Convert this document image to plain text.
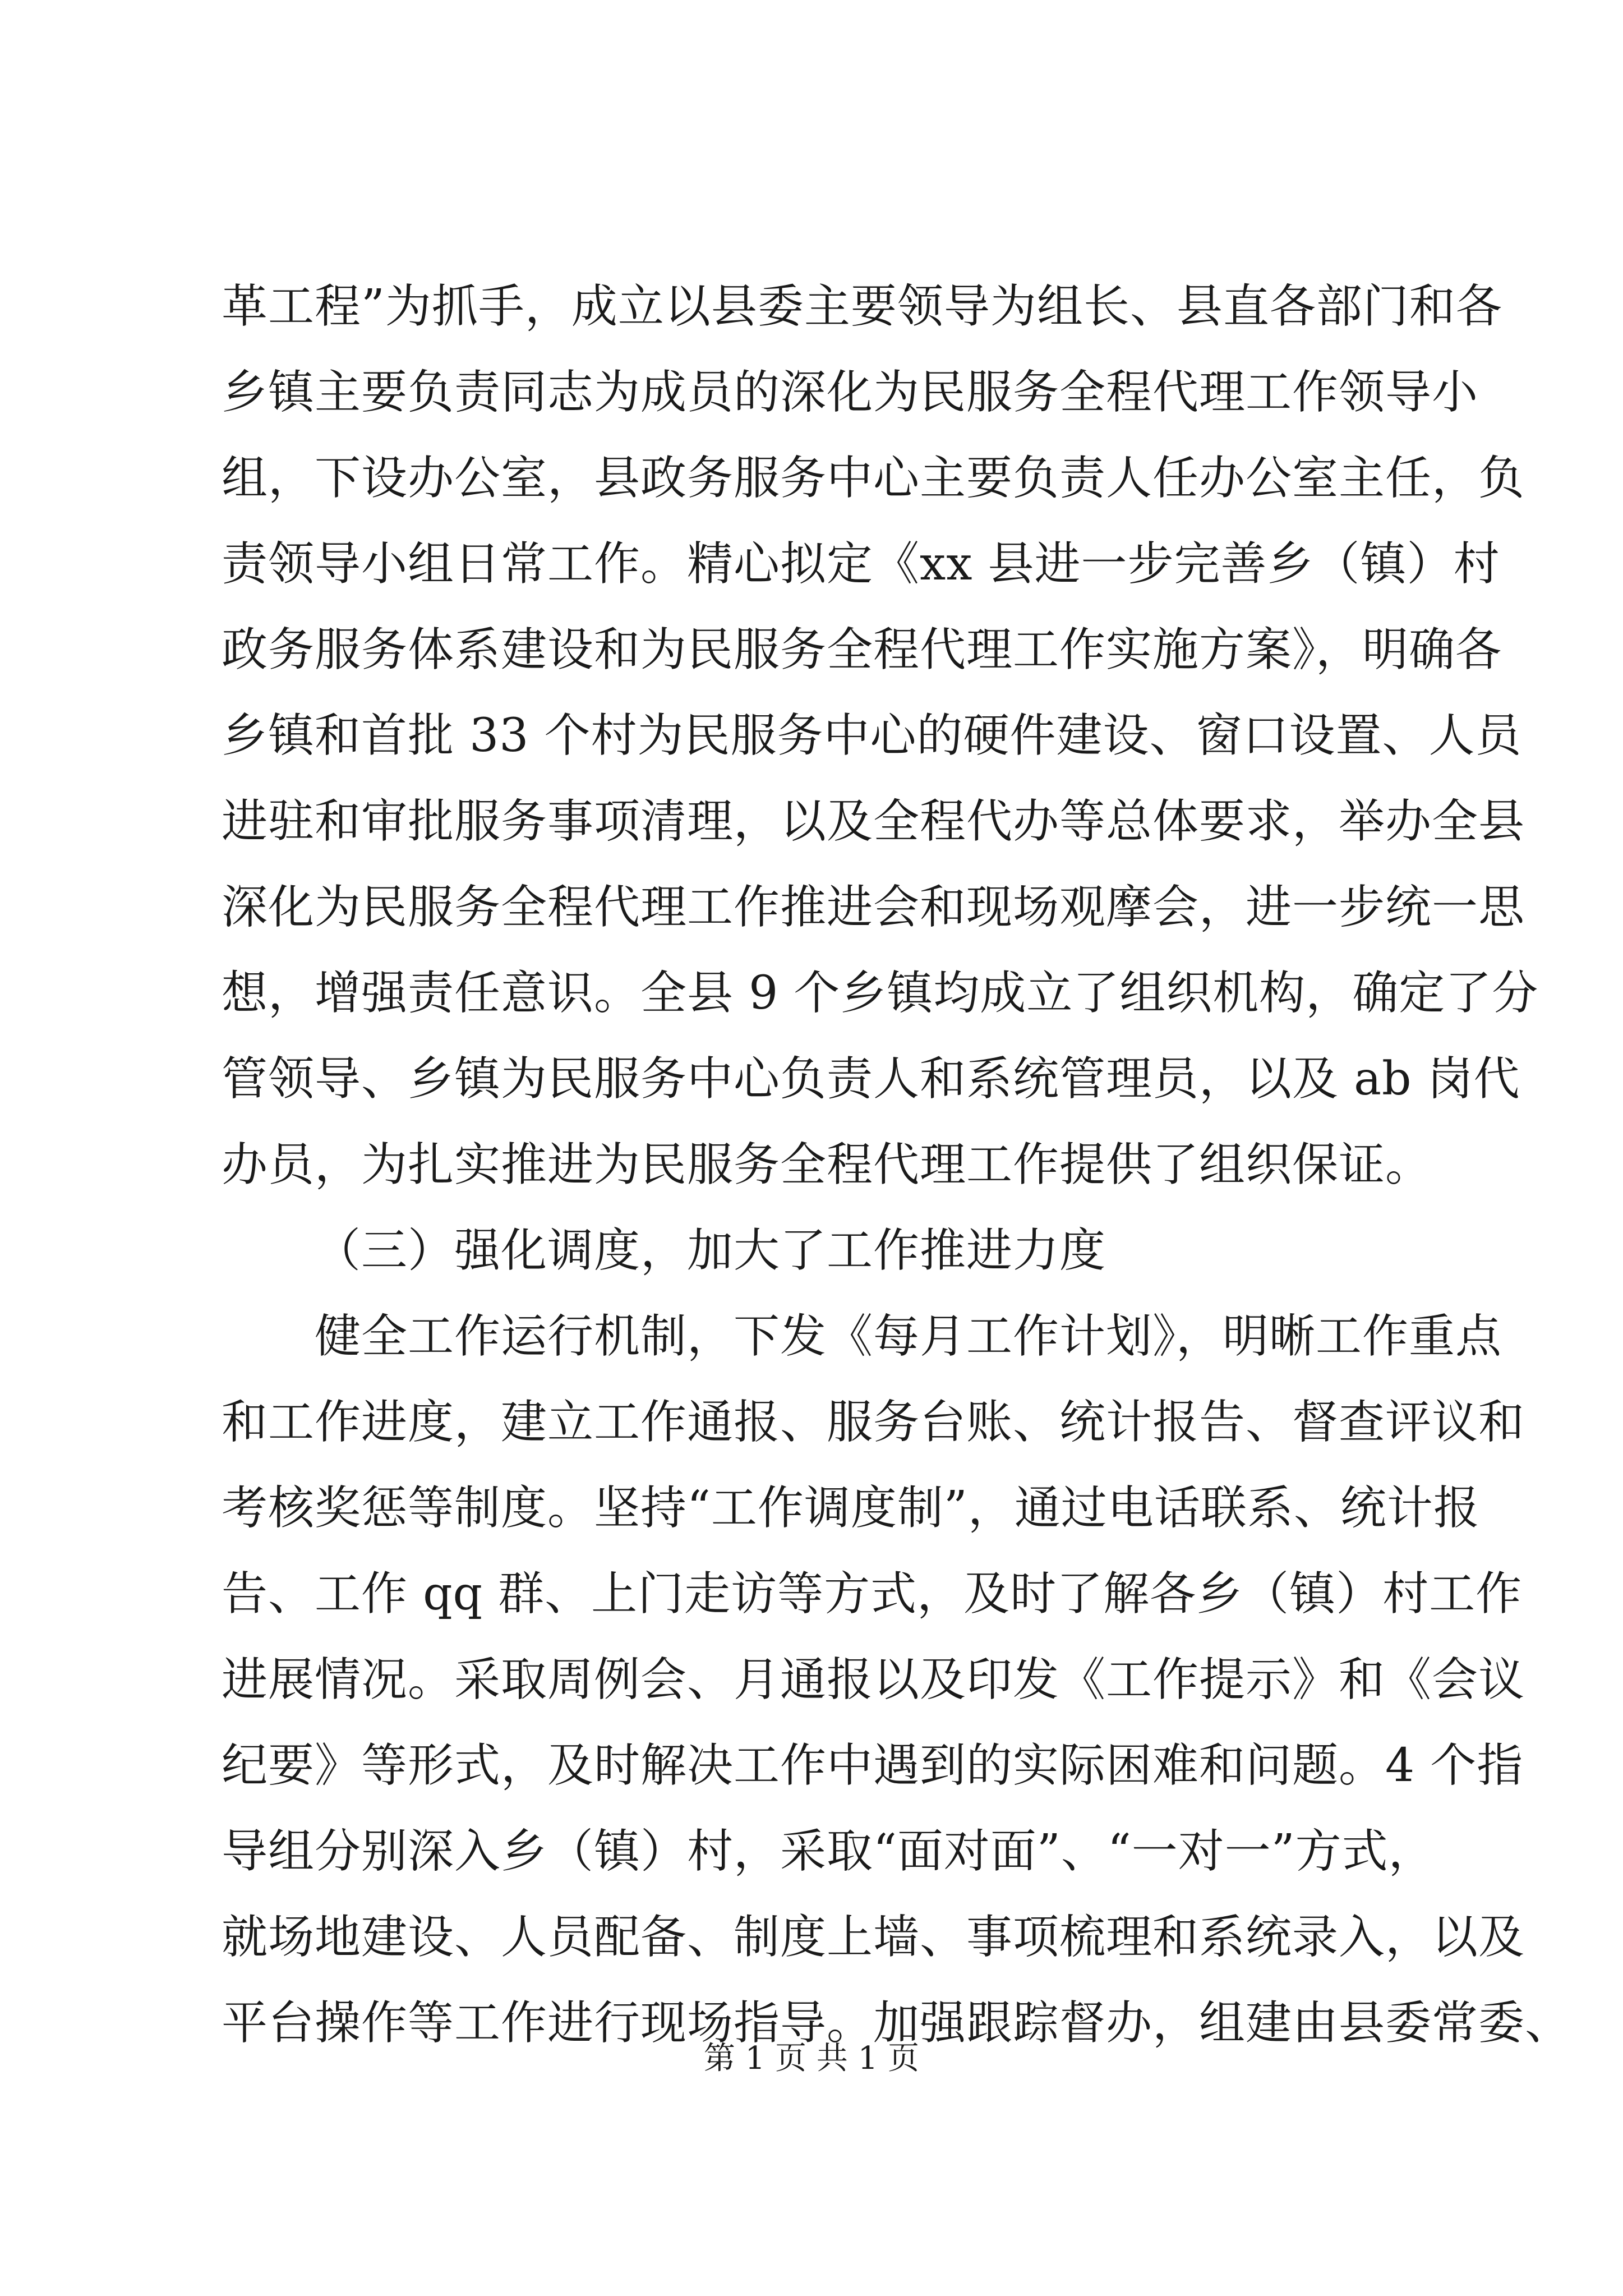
革工程”为抓手，成立以县委主要领导为组长、县直各部门和各
乡镇主要负责同志为成员的深化为民服务全程代理工作领导小
组，下设办公室，县政务服务中心主要负责人任办公室主任，负
责领导小组日常工作。精心拟定《xx 县进一步完善乡（镇）村
政务服务体系建设和为民服务全程代理工作实施方案》，明确各
乡镇和首批 33 个村为民服务中心的硬件建设、窗口设置、人员
进驻和审批服务事项清理，以及全程代办等总体要求，举办全县
深化为民服务全程代理工作推进会和现场观摩会，进一步统一思
想，增强责任意识。全县 9 个乡镇均成立了组织机构，确定了分
管领导、乡镇为民服务中心负责人和系统管理员，以及 ab 岗代
办员，为扎实推进为民服务全程代理工作提供了组织保证。
（三）强化调度，加大了工作推进力度
健全工作运行机制，下发《每月工作计划》，明晰工作重点
和工作进度，建立工作通报、服务台账、统计报告、督查评议和
考核奖惩等制度。坚持“工作调度制”，通过电话联系、统计报
告、工作 qq 群、上门走访等方式，及时了解各乡（镇）村工作
进展情况。采取周例会、月通报以及印发《工作提示》和《会议
纪要》等形式，及时解决工作中遇到的实际困难和问题。4 个指
导组分别深入乡（镇）村，采取“面对面”、“一对一”方式，
就场地建设、人员配备、制度上墙、事项梳理和系统录入，以及
平台操作等工作进行现场指导。加强跟踪督办，组建由县委常委、
第 1 页 共 1 页
